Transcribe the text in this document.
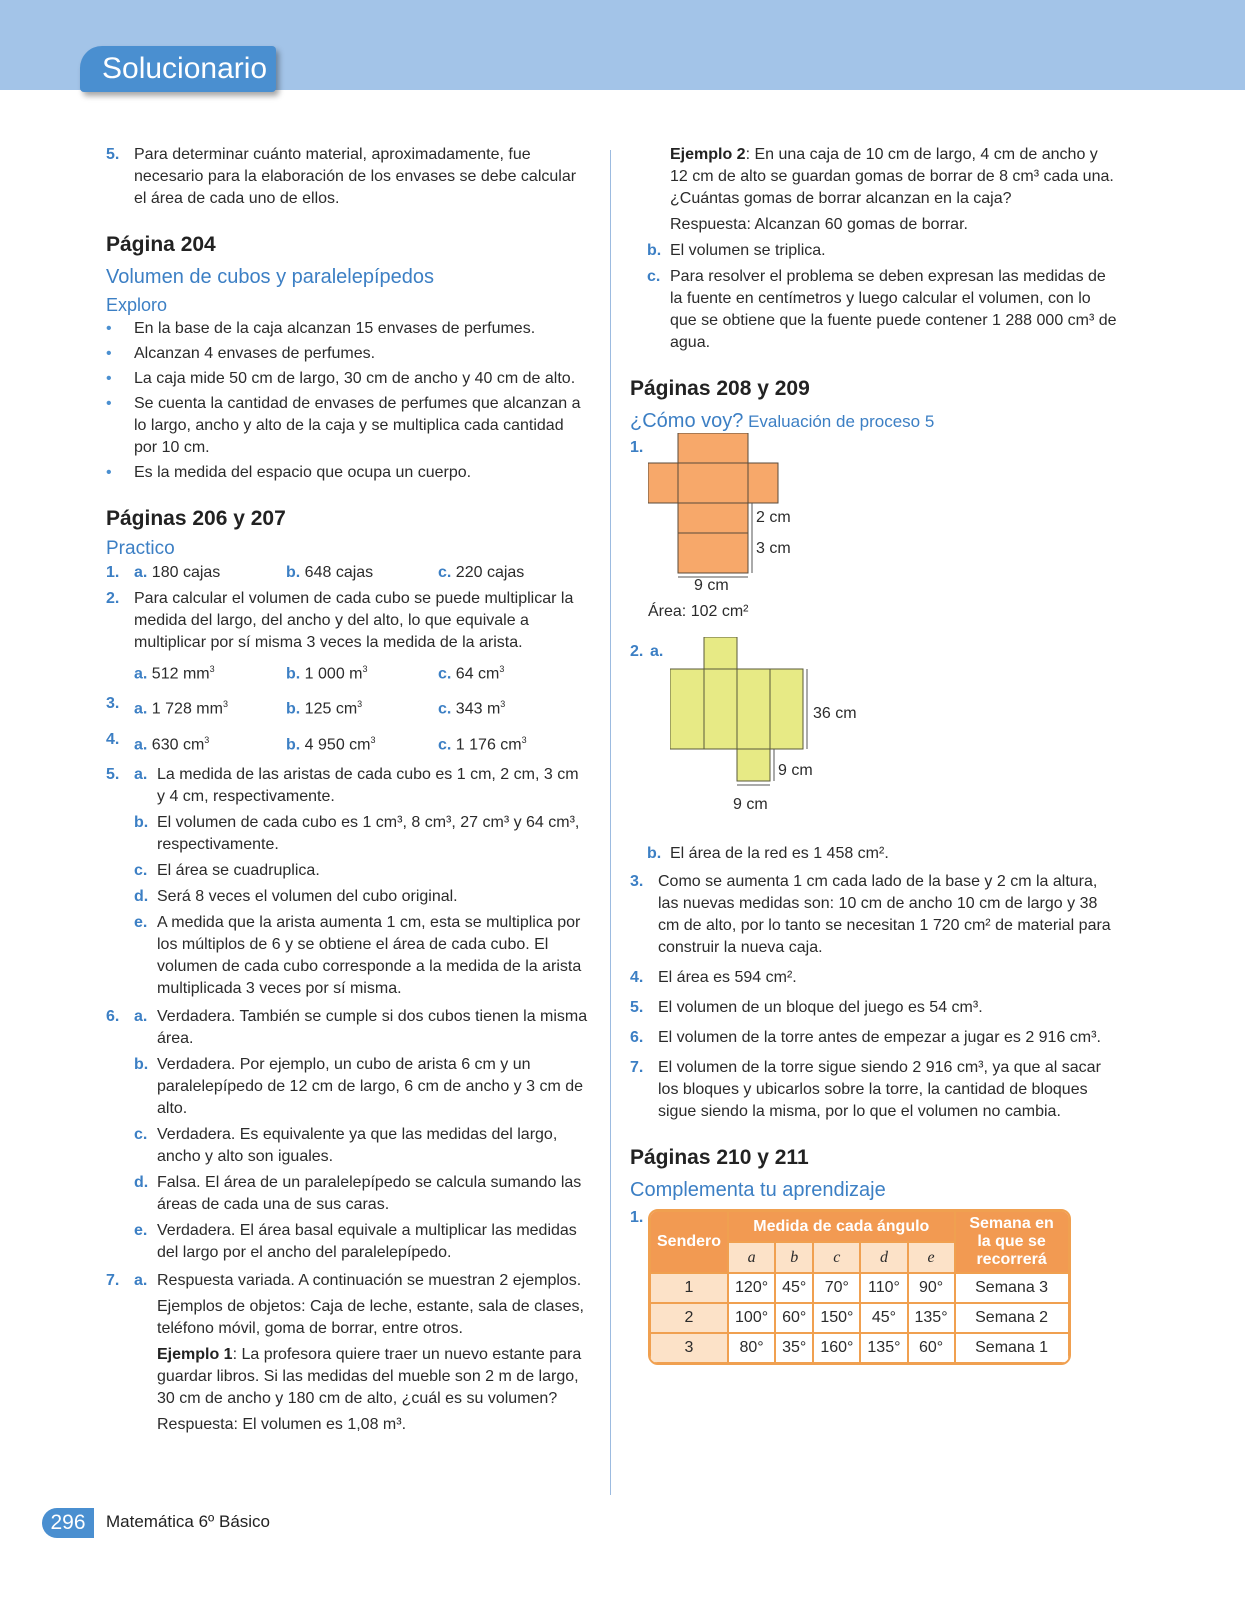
Solucionario
5. Para determinar cuánto material, aproximadamente, fue necesario para la elaboración de los envases se debe calcular el área de cada uno de ellos.
Página 204
Volumen de cubos y paralelepípedos
Exploro
• En la base de la caja alcanzan 15 envases de perfumes.
• Alcanzan 4 envases de perfumes.
• La caja mide 50 cm de largo, 30 cm de ancho y 40 cm de alto.
• Se cuenta la cantidad de envases de perfumes que alcanzan a lo largo, ancho y alto de la caja y se multiplica cada cantidad por 10 cm.
• Es la medida del espacio que ocupa un cuerpo.
Páginas 206 y 207
Practico
1. a. 180 cajas	b. 648 cajas	c. 220 cajas
2. Para calcular el volumen de cada cubo se puede multiplicar la medida del largo, del ancho y del alto, lo que equivale a multiplicar por sí misma 3 veces la medida de la arista.
a. 512 $mm^3$	b. 1 000 $m^3$	c. 64 $cm^3$
3. a. 1 728 $mm^3$	b. 125 $cm^3$	c. 343 $m^3$
4. a. 630 $cm^3$	b. 4 950 $cm^3$	c. 1 176 $cm^3$
5. a. La medida de las aristas de cada cubo es 1 cm, 2 cm, 3 cm y 4 cm, respectivamente.
b. El volumen de cada cubo es 1 cm³, 8 cm³, 27 cm³ y 64 cm³, respectivamente.
c. El área se cuadruplica.
d. Será 8 veces el volumen del cubo original.
e. A medida que la arista aumenta 1 cm, esta se multiplica por los múltiplos de 6 y se obtiene el área de cada cubo. El volumen de cada cubo corresponde a la medida de la arista multiplicada 3 veces por sí misma.
6. a. Verdadera. También se cumple si dos cubos tienen la misma área.
b. Verdadera. Por ejemplo, un cubo de arista 6 cm y un paralelepípedo de 12 cm de largo, 6 cm de ancho y 3 cm de alto.
c. Verdadera. Es equivalente ya que las medidas del largo, ancho y alto son iguales.
d. Falsa. El área de un paralelepípedo se calcula sumando las áreas de cada una de sus caras.
e. Verdadera. El área basal equivale a multiplicar las medidas del largo por el ancho del paralelepípedo.
7. a. Respuesta variada. A continuación se muestran 2 ejemplos.
Ejemplos de objetos: Caja de leche, estante, sala de clases, teléfono móvil, goma de borrar, entre otros.
Ejemplo 1: La profesora quiere traer un nuevo estante para guardar libros. Si las medidas del mueble son 2 m de largo, 30 cm de ancho y 180 cm de alto, ¿cuál es su volumen?
Respuesta: El volumen es 1,08 m³.
Ejemplo 2: En una caja de 10 cm de largo, 4 cm de ancho y 12 cm de alto se guardan gomas de borrar de 8 cm³ cada una. ¿Cuántas gomas de borrar alcanzan en la caja?
Respuesta: Alcanzan 60 gomas de borrar.
b. El volumen se triplica.
c. Para resolver el problema se deben expresan las medidas de la fuente en centímetros y luego calcular el volumen, con lo que se obtiene que la fuente puede contener 1 288 000 cm³ de agua.
Páginas 208 y 209
¿Cómo voy? Evaluación de proceso 5
1.
2 cm
3 cm
9 cm
Área: 102 cm²
2. a.
36 cm
9 cm
9 cm
b. El área de la red es 1 458 cm².
3. Como se aumenta 1 cm cada lado de la base y 2 cm la altura, las nuevas medidas son: 10 cm de ancho 10 cm de largo y 38 cm de alto, por lo tanto se necesitan 1 720 cm² de material para construir la nueva caja.
4. El área es 594 cm².
5. El volumen de un bloque del juego es 54 cm³.
6. El volumen de la torre antes de empezar a jugar es 2 916 cm³.
7. El volumen de la torre sigue siendo 2 916 cm³, ya que al sacar los bloques y ubicarlos sobre la torre, la cantidad de bloques sigue siendo la misma, por lo que el volumen no cambia.
Páginas 210 y 211
Complementa tu aprendizaje
1.
Sendero	Medida de cada ángulo					Semana en la que se recorrerá
	a	b	c	d	e	
1	120°	45°	70°	110°	90°	Semana 3
2	100°	60°	150°	45°	135°	Semana 2
3	80°	35°	160°	135°	60°	Semana 1
296	Matemática 6º Básico
